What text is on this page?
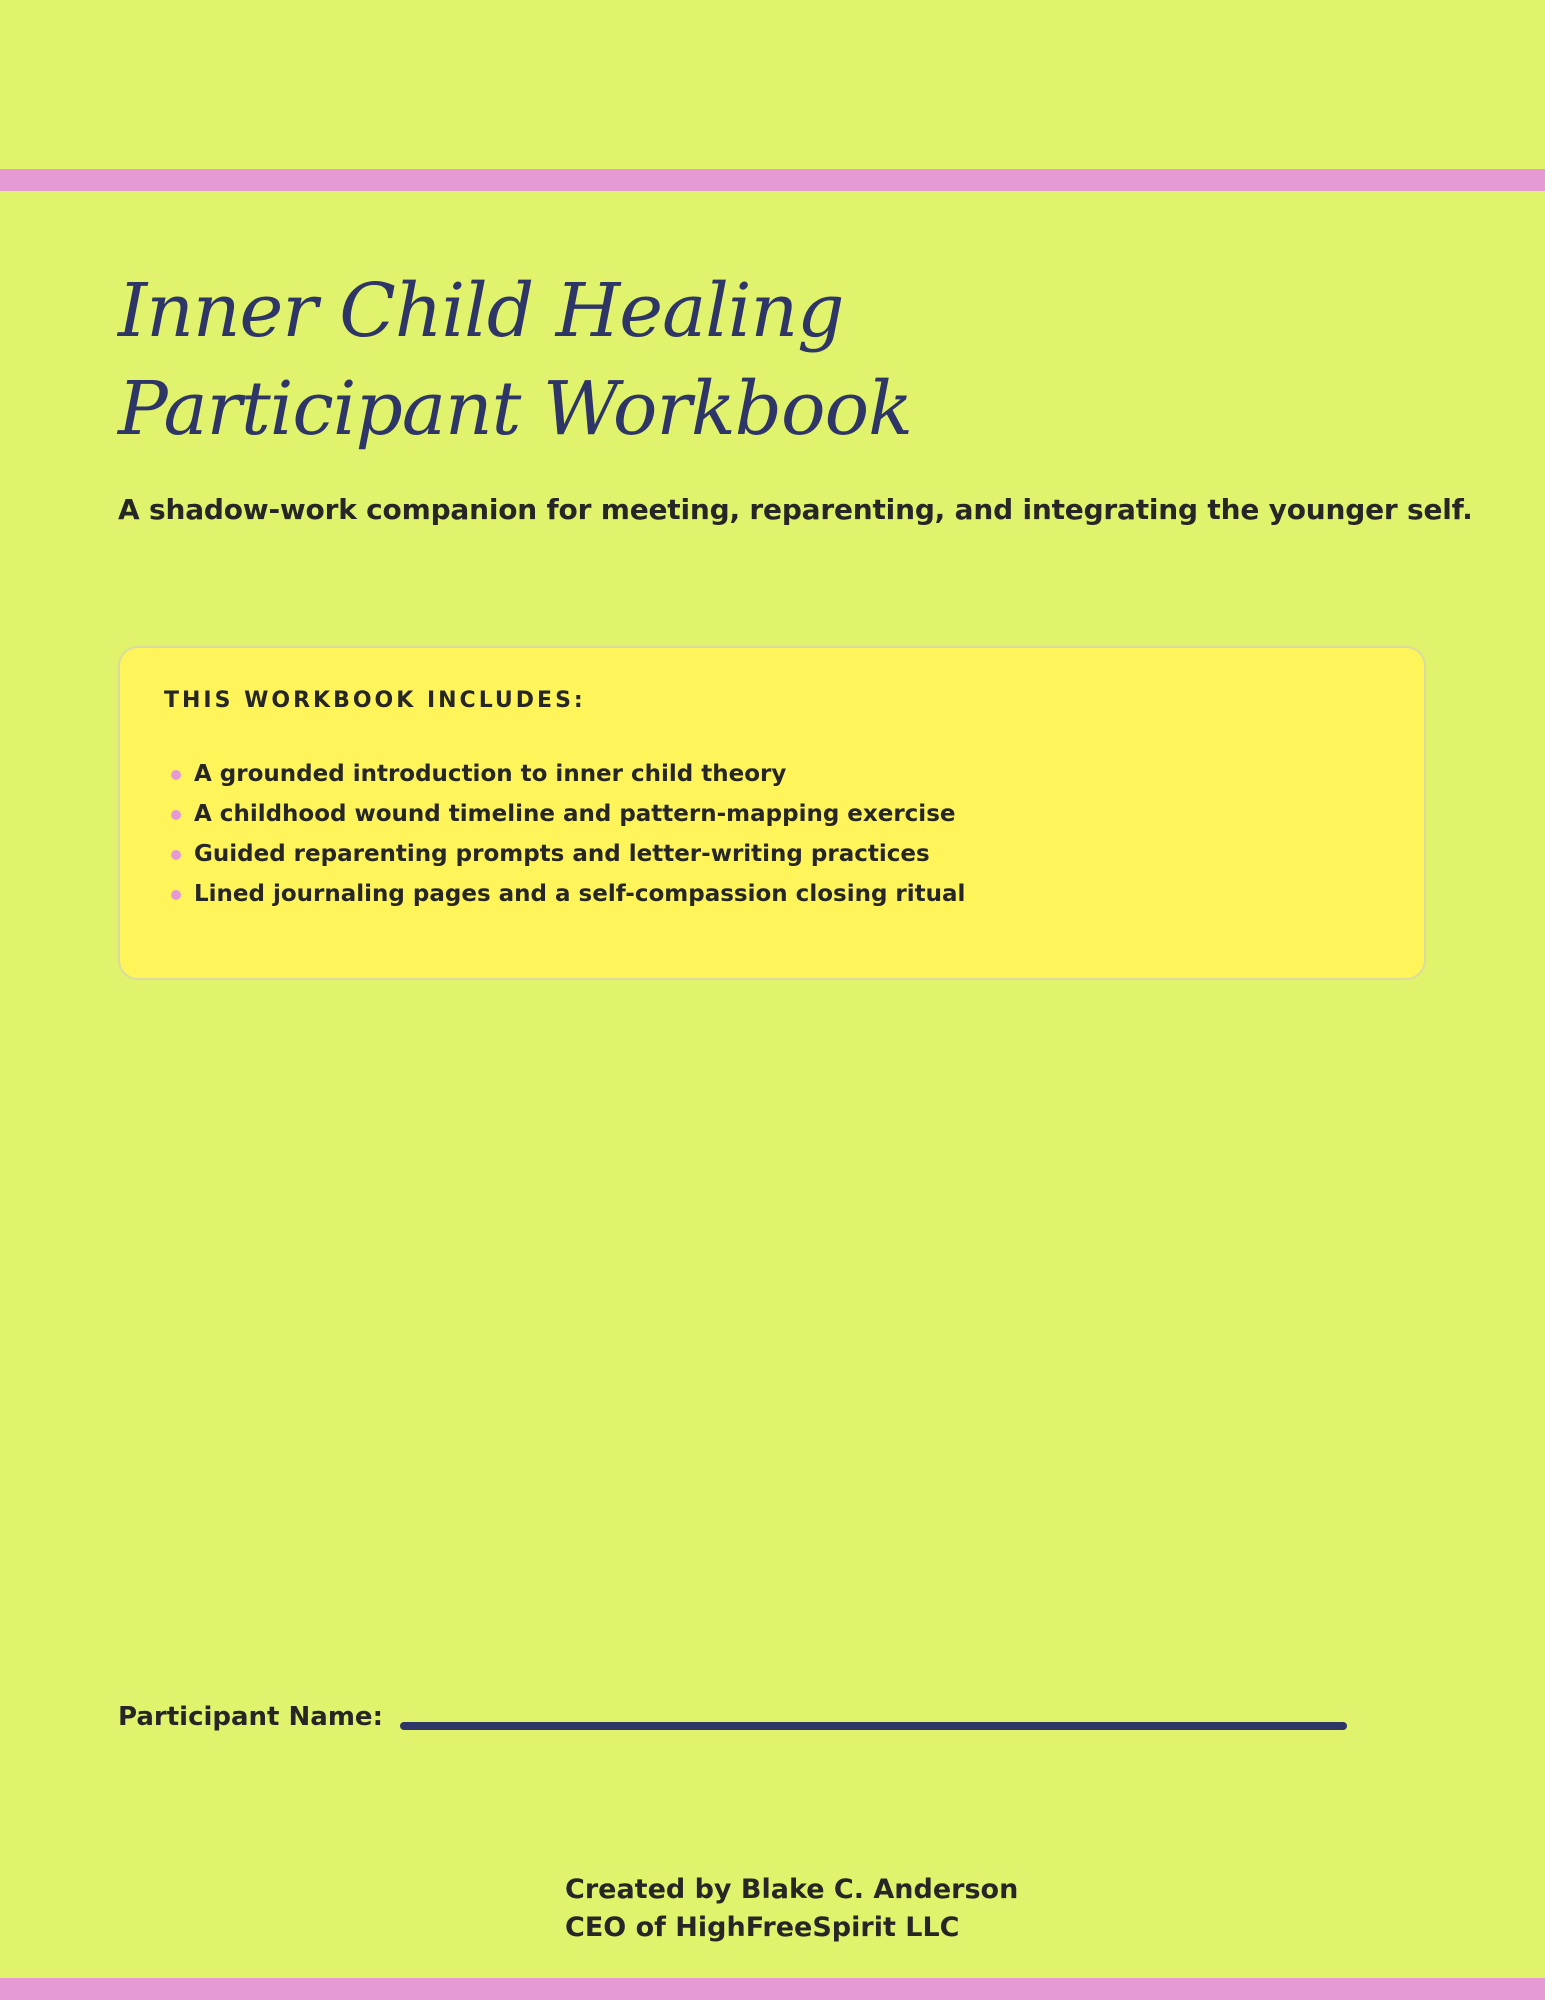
Inner Child Healing
Participant Workbook

A shadow-work companion for meeting, reparenting, and integrating the younger self.

THIS WORKBOOK INCLUDES:
A grounded introduction to inner child theory
A childhood wound timeline and pattern-mapping exercise
Guided reparenting prompts and letter-writing practices
Lined journaling pages and a self-compassion closing ritual
Participant Name:
Created by Blake C. Anderson
CEO of HighFreeSpirit LLC
